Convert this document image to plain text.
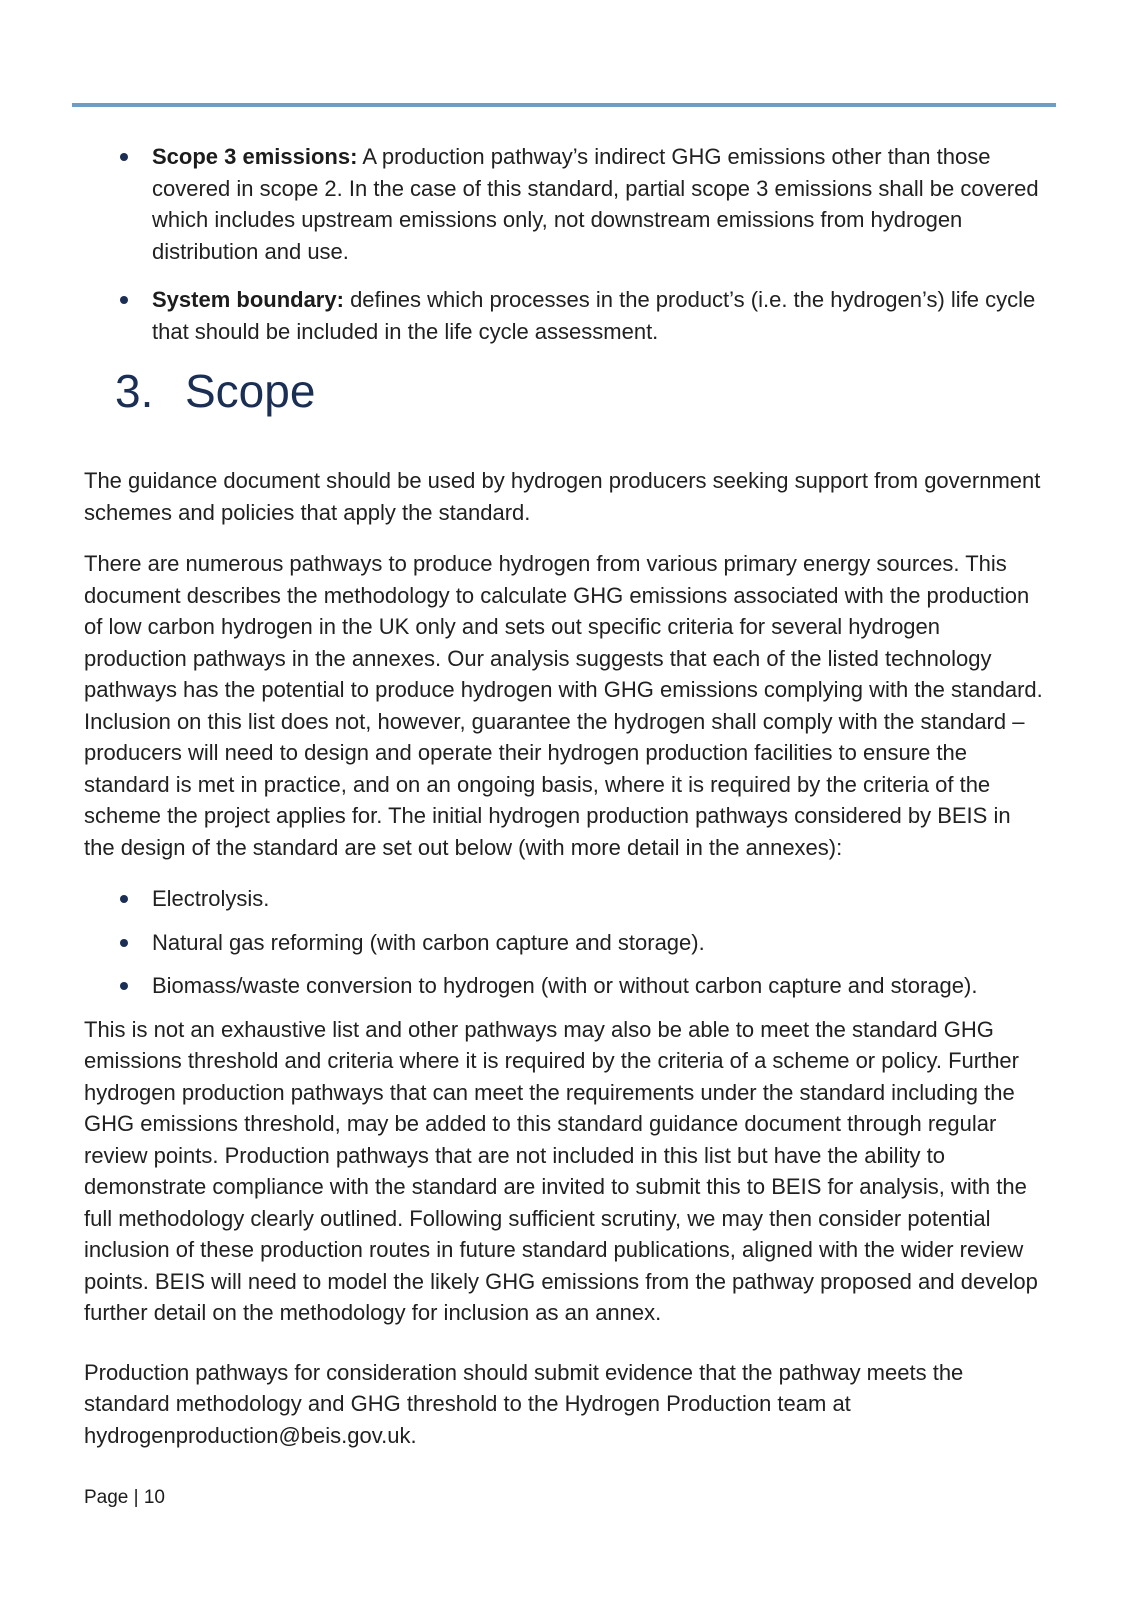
Scope 3 emissions: A production pathway’s indirect GHG emissions other than those covered in scope 2. In the case of this standard, partial scope 3 emissions shall be covered which includes upstream emissions only, not downstream emissions from hydrogen distribution and use.
System boundary: defines which processes in the product’s (i.e. the hydrogen’s) life cycle that should be included in the life cycle assessment.
3. Scope

The guidance document should be used by hydrogen producers seeking support from government schemes and policies that apply the standard.

There are numerous pathways to produce hydrogen from various primary energy sources. This document describes the methodology to calculate GHG emissions associated with the production of low carbon hydrogen in the UK only and sets out specific criteria for several hydrogen production pathways in the annexes. Our analysis suggests that each of the listed technology pathways has the potential to produce hydrogen with GHG emissions complying with the standard. Inclusion on this list does not, however, guarantee the hydrogen shall comply with the standard – producers will need to design and operate their hydrogen production facilities to ensure the standard is met in practice, and on an ongoing basis, where it is required by the criteria of the scheme the project applies for. The initial hydrogen production pathways considered by BEIS in the design of the standard are set out below (with more detail in the annexes):

Electrolysis.
Natural gas reforming (with carbon capture and storage).
Biomass/waste conversion to hydrogen (with or without carbon capture and storage).

This is not an exhaustive list and other pathways may also be able to meet the standard GHG emissions threshold and criteria where it is required by the criteria of a scheme or policy. Further hydrogen production pathways that can meet the requirements under the standard including the GHG emissions threshold, may be added to this standard guidance document through regular review points. Production pathways that are not included in this list but have the ability to demonstrate compliance with the standard are invited to submit this to BEIS for analysis, with the full methodology clearly outlined. Following sufficient scrutiny, we may then consider potential inclusion of these production routes in future standard publications, aligned with the wider review points. BEIS will need to model the likely GHG emissions from the pathway proposed and develop further detail on the methodology for inclusion as an annex.

Production pathways for consideration should submit evidence that the pathway meets the standard methodology and GHG threshold to the Hydrogen Production team at hydrogenproduction@beis.gov.uk.

Page | 10
